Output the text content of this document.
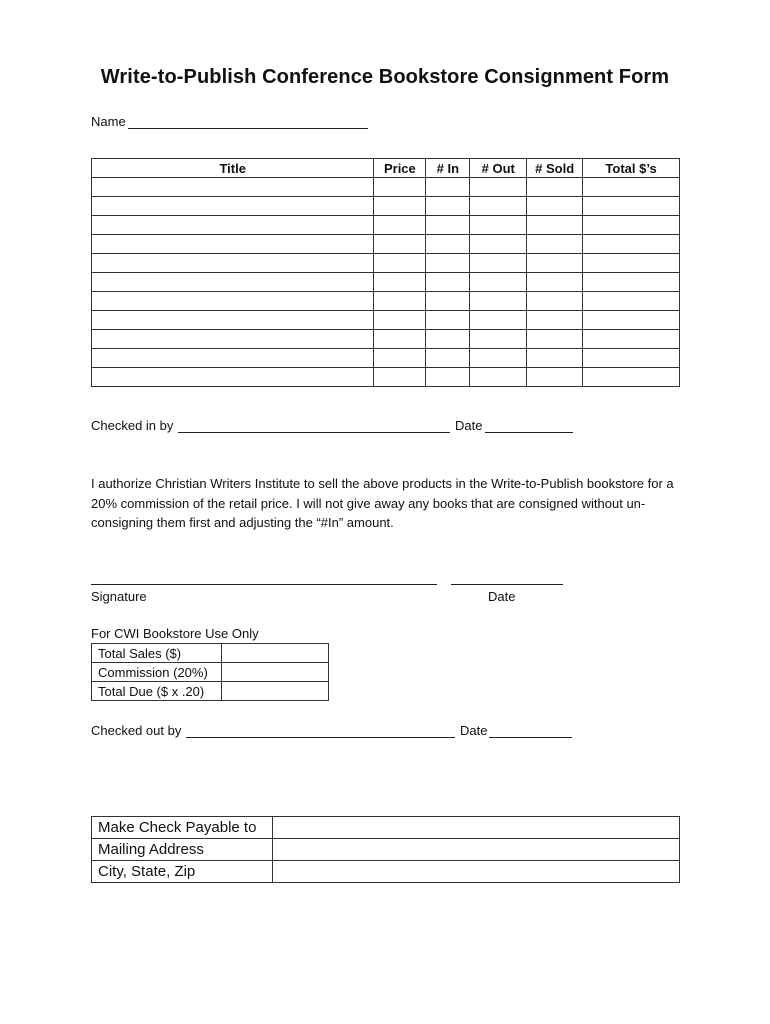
Write-to-Publish Conference Bookstore Consignment Form
Name
Title	Price	# In	# Out	# Sold	Total $’s

Checked in by	Date
I authorize Christian Writers Institute to sell the above products in the Write-to-Publish bookstore for a 20% commission of the retail price. I will not give away any books that are consigned without un-consigning them first and adjusting the “#In” amount.
Signature	Date
For CWI Bookstore Use Only
Total Sales ($)	
Commission (20%)	
Total Due ($ x .20)	
Checked out by	Date
Make Check Payable to	
Mailing Address	
City, State, Zip	
